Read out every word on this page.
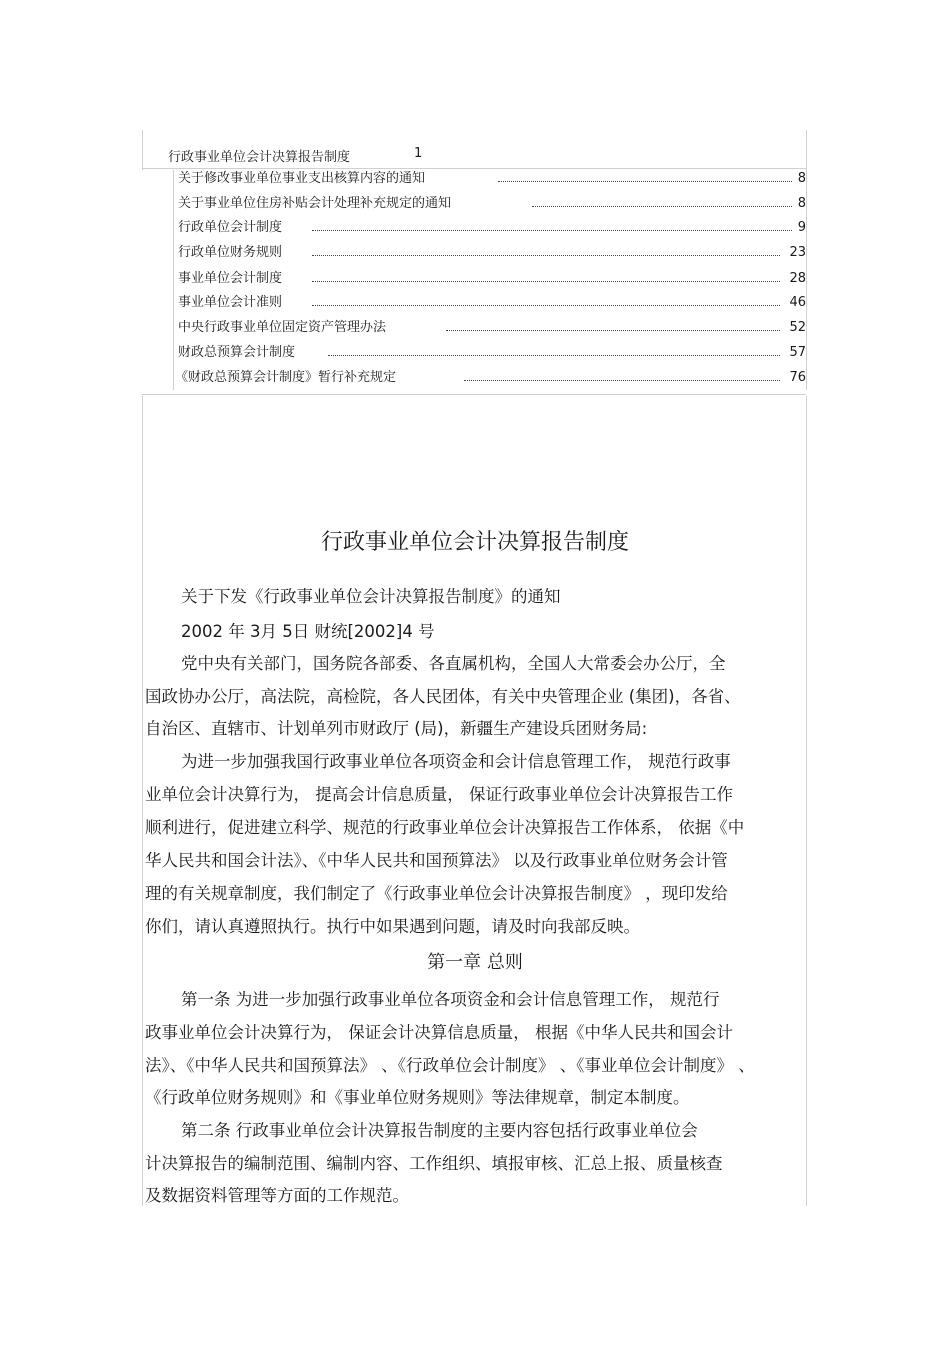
行政事业单位会计决算报告制度	1
关于修改事业单位事业支出核算内容的通知	8
关于事业单位住房补贴会计处理补充规定的通知	8
行政单位会计制度	9
行政单位财务规则	23
事业单位会计制度	28
事业单位会计准则	46
中央行政事业单位固定资产管理办法	52
财政总预算会计制度	57
《财政总预算会计制度》暂行补充规定	76
行政事业单位会计决算报告制度
关于下发《行政事业单位会计决算报告制度》的通知
2002 年 3月 5日 财统[2002]4 号
党中央有关部门，国务院各部委、各直属机构，全国人大常委会办公厅，全
国政协办公厅，高法院，高检院，各人民团体，有关中央管理企业 (集团)，各省、
自治区、直辖市、计划单列市财政厅 (局)，新疆生产建设兵团财务局:
为进一步加强我国行政事业单位各项资金和会计信息管理工作， 规范行政事
业单位会计决算行为， 提高会计信息质量， 保证行政事业单位会计决算报告工作
顺利进行，促进建立科学、规范的行政事业单位会计决算报告工作体系， 依据《中
华人民共和国会计法》、《中华人民共和国预算法》 以及行政事业单位财务会计管
理的有关规章制度，我们制定了《行政事业单位会计决算报告制度》 ，现印发给
你们，请认真遵照执行。执行中如果遇到问题，请及时向我部反映。
第一章 总则
第一条 为进一步加强行政事业单位各项资金和会计信息管理工作， 规范行
政事业单位会计决算行为， 保证会计决算信息质量， 根据《中华人民共和国会计
法》、《中华人民共和国预算法》 、《行政单位会计制度》 、《事业单位会计制度》 、
《行政单位财务规则》和《事业单位财务规则》等法律规章，制定本制度。
第二条 行政事业单位会计决算报告制度的主要内容包括行政事业单位会
计决算报告的编制范围、编制内容、工作组织、填报审核、汇总上报、质量核查
及数据资料管理等方面的工作规范。
